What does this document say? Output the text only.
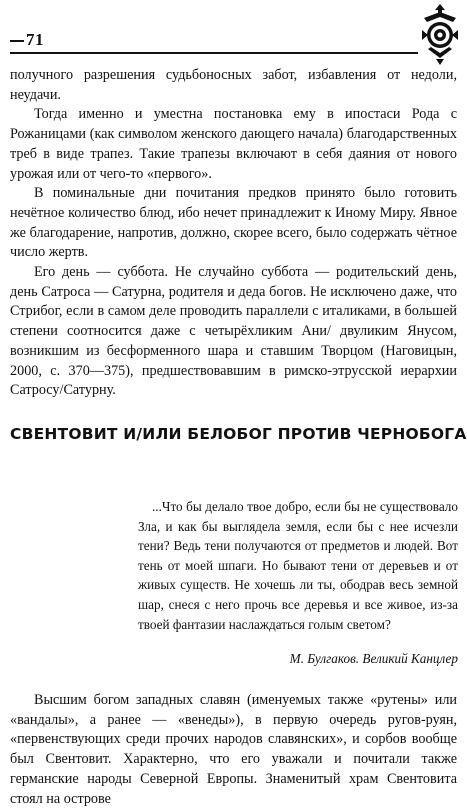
71

получного разрешения судьбоносных забот, избавления от недоли, неудачи.

Тогда именно и уместна постановка ему в ипостаси Рода с Рожаницами (как символом женского дающего начала) благодарственных треб в виде трапез. Такие трапезы включают в себя даяния от нового урожая или от чего-то «первого».

В поминальные дни почитания предков принято было готовить нечётное количество блюд, ибо нечет принадлежит к Иному Миру. Явное же благодарение, напротив, должно, скорее всего, было содержать чётное число жертв.

Его день — суббота. Не случайно суббота — родительский день, день Сатроса — Сатурна, родителя и деда богов. Не исключено даже, что Стрибог, если в самом деле проводить параллели с италиками, в большей степени соотносится даже с четырёхликим Ани/ двуликим Янусом, возникшим из бесформенного шара и ставшим Творцом (Наговицын, 2000, с. 370—375), предшествовавшим в римско-этрусской иерархии Сатросу/Сатурну.

СВЕНТОВИТ И/ИЛИ БЕЛОБОГ ПРОТИВ ЧЕРНОБОГА

...Что бы делало твое добро, если бы не существовало Зла, и как бы выглядела земля, если бы с нее исчезли тени? Ведь тени получаются от предметов и людей. Вот тень от моей шпаги. Но бывают тени от деревьев и от живых существ. Не хочешь ли ты, ободрав весь земной шар, снеся с него прочь все деревья и все живое, из-за твоей фантазии наслаждаться голым светом?

М. Булгаков. Великий Канцлер

Высшим богом западных славян (именуемых также «рутены» или «вандалы», а ранее — «венеды»), в первую очередь ругов-руян, «первенствующих среди прочих народов славянских», и сорбов вообще был Свентовит. Характерно, что его уважали и почитали также германские народы Северной Европы. Знаменитый храм Свентовита стоял на острове
